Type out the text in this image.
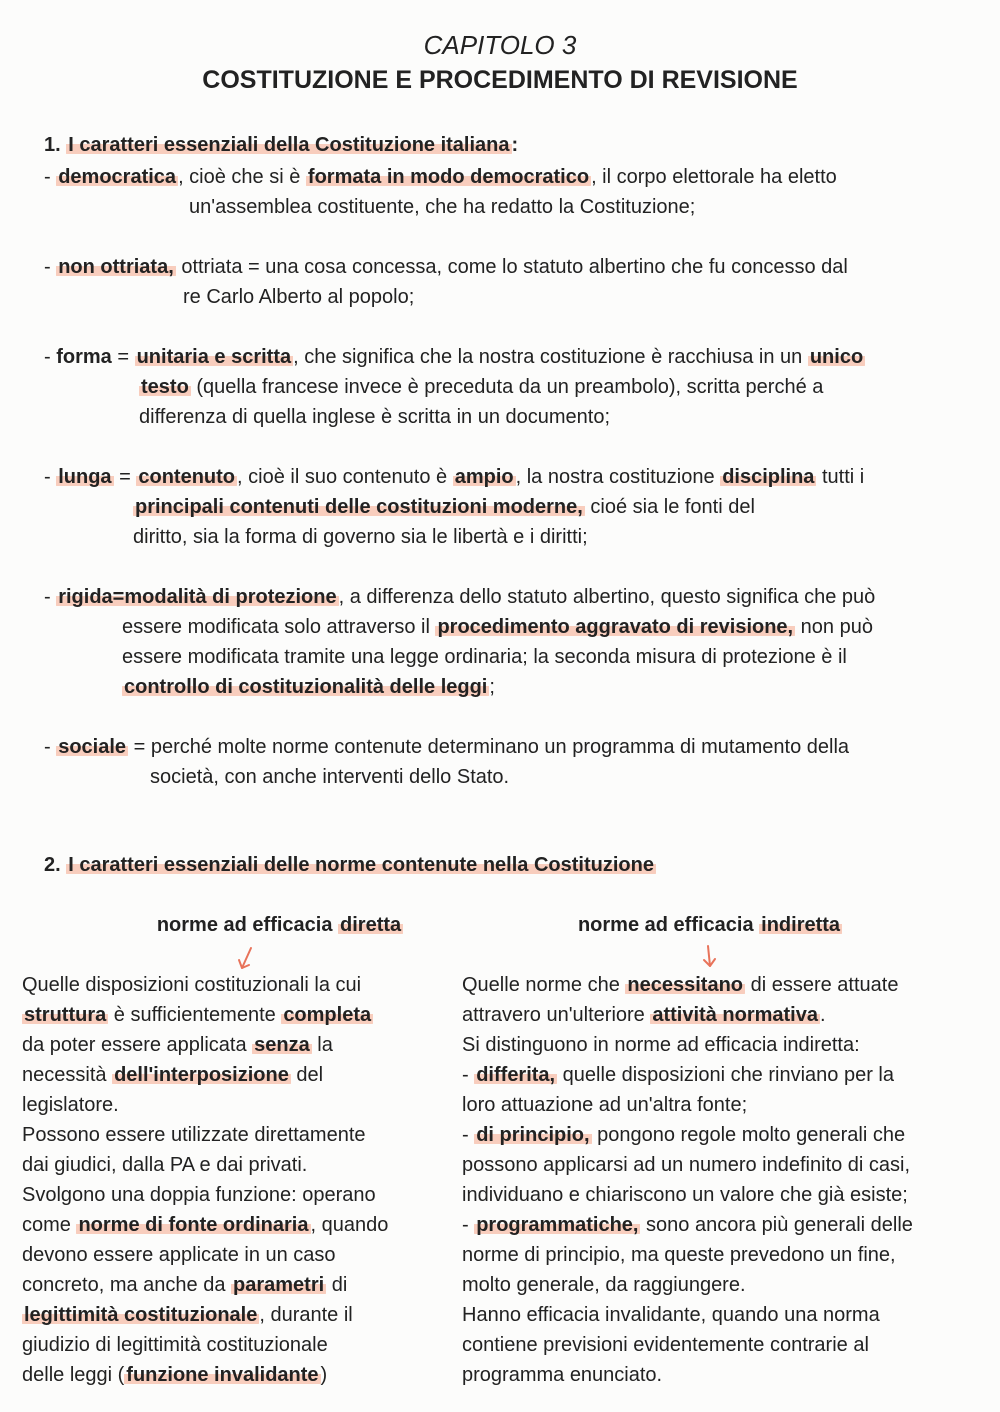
CAPITOLO 3
COSTITUZIONE E PROCEDIMENTO DI REVISIONE
1. I caratteri essenziali della Costituzione italiana :
- democratica , cioè che si è formata in modo democratico , il corpo elettorale ha eletto
un'assemblea costituente, che ha redatto la Costituzione;
- non ottriata, ottriata = una cosa concessa, come lo statuto albertino che fu concesso dal
re Carlo Alberto al popolo;
- forma = unitaria e scritta , che significa che la nostra costituzione è racchiusa in un unico
testo (quella francese invece è preceduta da un preambolo), scritta perché a
differenza di quella inglese è scritta in un documento;
- lunga = contenuto , cioè il suo contenuto è ampio , la nostra costituzione disciplina tutti i
principali contenuti delle costituzioni moderne, cioé sia le fonti del
diritto, sia la forma di governo sia le libertà e i diritti;
- rigida=modalità di protezione , a differenza dello statuto albertino, questo significa che può
essere modificata solo attraverso il procedimento aggravato di revisione, non può
essere modificata tramite una legge ordinaria; la seconda misura di protezione è il
controllo di costituzionalità delle leggi ;
- sociale = perché molte norme contenute determinano un programma di mutamento della
società, con anche interventi dello Stato.
2. I caratteri essenziali delle norme contenute nella Costituzione
norme ad efficacia diretta	norme ad efficacia indiretta
Quelle disposizioni costituzionali la cui
struttura è sufficientemente completa
da poter essere applicata senza la
necessità dell'interposizione del
legislatore.
Possono essere utilizzate direttamente
dai giudici, dalla PA e dai privati.
Svolgono una doppia funzione: operano
come norme di fonte ordinaria , quando
devono essere applicate in un caso
concreto, ma anche da parametri di
legittimità costituzionale , durante il
giudizio di legittimità costituzionale
delle leggi ( funzione invalidante )
Quelle norme che necessitano di essere attuate
attravero un'ulteriore attività normativa .
Si distinguono in norme ad efficacia indiretta:
- differita, quelle disposizioni che rinviano per la
loro attuazione ad un'altra fonte;
- di principio, pongono regole molto generali che
possono applicarsi ad un numero indefinito di casi,
individuano e chiariscono un valore che già esiste;
- programmatiche, sono ancora più generali delle
norme di principio, ma queste prevedono un fine,
molto generale, da raggiungere.
Hanno efficacia invalidante, quando una norma
contiene previsioni evidentemente contrarie al
programma enunciato.
